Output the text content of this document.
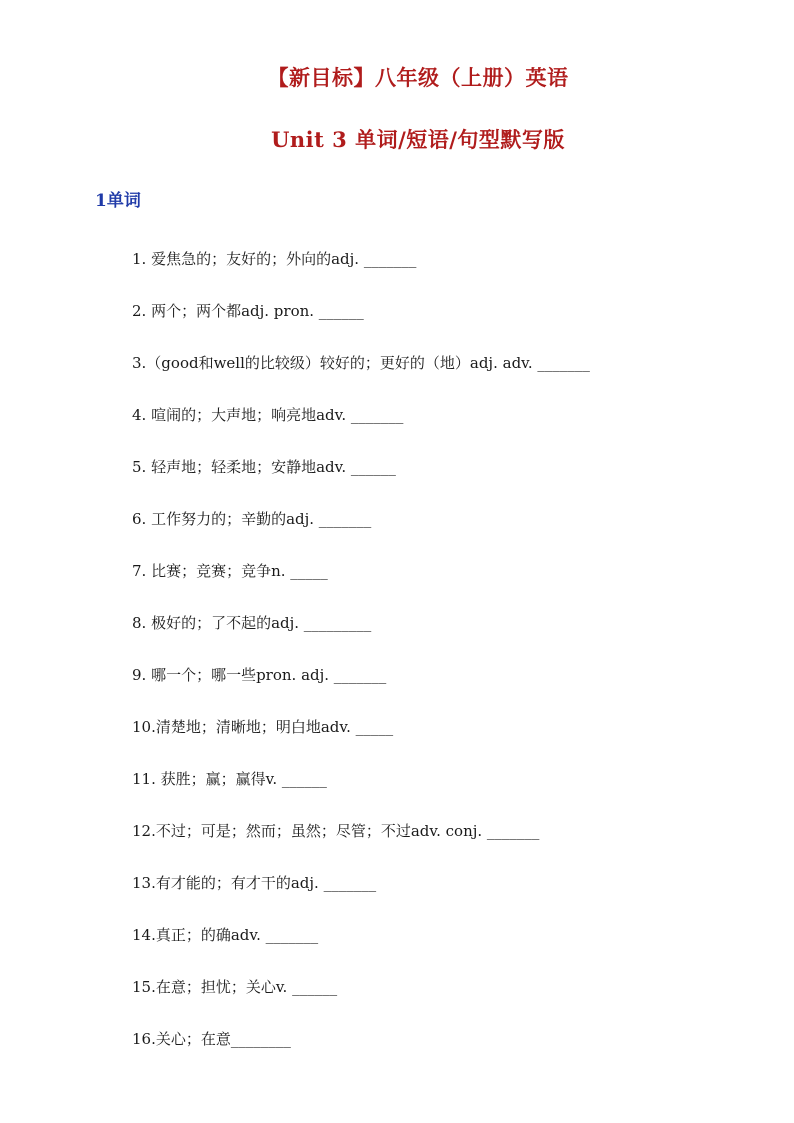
【新目标】八年级（上册）英语
Unit 3 单词/短语/句型默写版
1单词
1. 爱焦急的；友好的；外向的adj. _______
2. 两个；两个都adj. pron. ______
3.（good和well的比较级）较好的；更好的（地）adj. adv. _______
4. 喧闹的；大声地；响亮地adv. _______
5. 轻声地；轻柔地；安静地adv. ______
6. 工作努力的；辛勤的adj. _______
7. 比赛；竞赛；竞争n. _____
8. 极好的；了不起的adj. _________
9. 哪一个；哪一些pron. adj. _______
10.清楚地；清晰地；明白地adv. _____
11. 获胜；赢；赢得v. ______
12.不过；可是；然而；虽然；尽管；不过adv. conj. _______
13.有才能的；有才干的adj. _______
14.真正；的确adv. _______
15.在意；担忧；关心v. ______
16.关心；在意________
